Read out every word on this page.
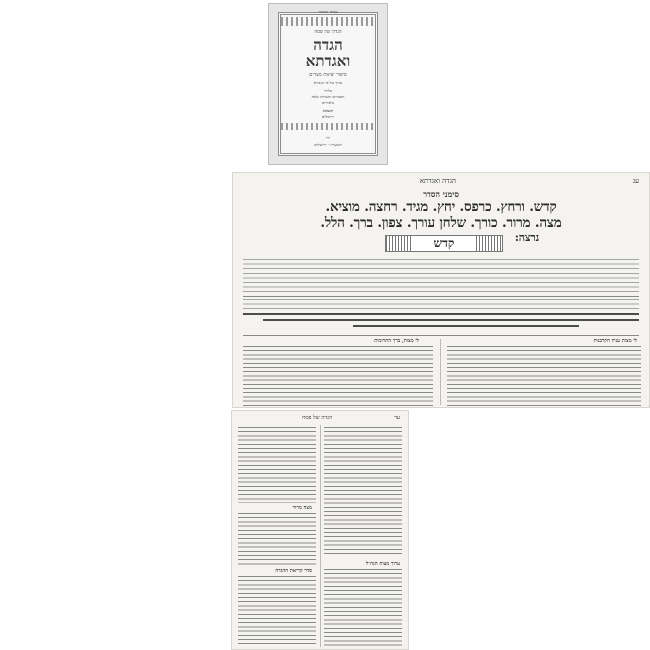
מצות המצוה
הגדה של פסח
הגדה
ואגדתא
סיפור יציאת מצרים
ערוך על פי הגמרא
בליווי
הסברים והערות מאת
ביאורים
הוצאת
ירושלים
ירו
תשע״ח - ירושלים
עג
הגדה ואגדתא
סימני הסדר
קדש. ורחץ. כרפס. יחץ. מגיד. רחצה. מוציא.
מצה. מרור. כורך. שלחן עורך. צפון. ברך. הלל.
נרצה:
קדש
לי מצות עניין הקרבנות
לי מצות, ברך התרומות
עד
הגדה של פסח
ערוך מצות הגה״ל
מצה מרור
סדר קריאת ההגדה
